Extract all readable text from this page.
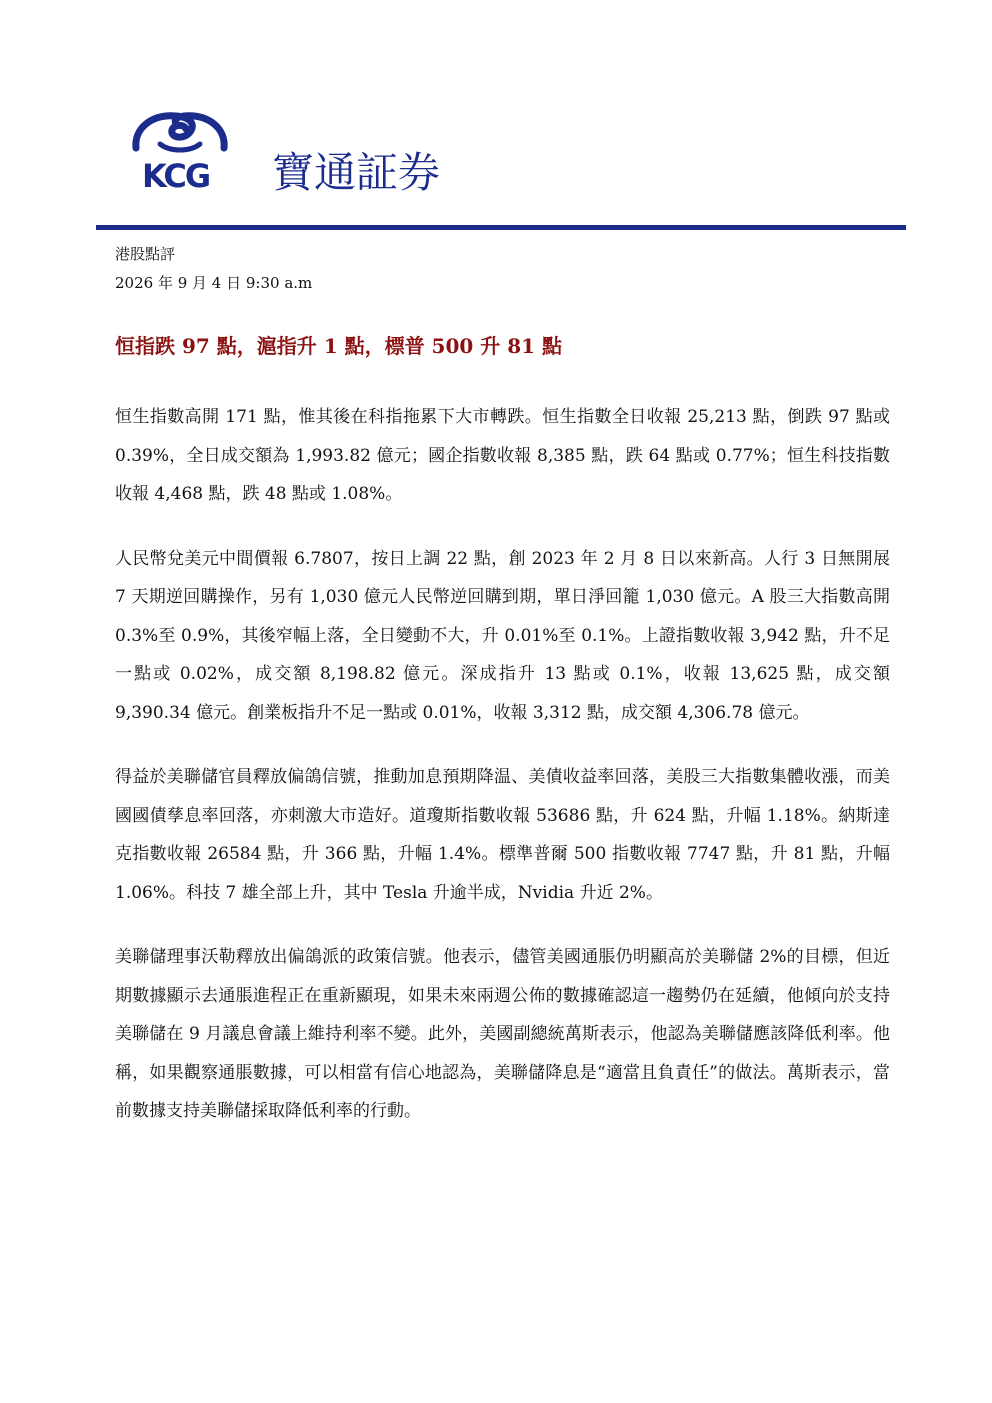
KCG 寶通証券
港股點評
2026 年 9 月 4 日 9:30 a.m
恒指跌 97 點，滬指升 1 點，標普 500 升 81 點

恒生指數高開 171 點，惟其後在科指拖累下大市轉跌。恒生指數全日收報 25,213 點，倒跌 97 點或 0.39%，全日成交額為 1,993.82 億元；國企指數收報 8,385 點，跌 64 點或 0.77%；恒生科技指數收報 4,468 點，跌 48 點或 1.08%。

人民幣兌美元中間價報 6.7807，按日上調 22 點，創 2023 年 2 月 8 日以來新高。人行 3 日無開展 7 天期逆回購操作，另有 1,030 億元人民幣逆回購到期，單日淨回籠 1,030 億元。A 股三大指數高開 0.3%至 0.9%，其後窄幅上落，全日變動不大，升 0.01%至 0.1%。上證指數收報 3,942 點，升不足一點或 0.02%，成交額 8,198.82 億元。深成指升 13 點或 0.1%，收報 13,625 點，成交額 9,390.34 億元。創業板指升不足一點或 0.01%，收報 3,312 點，成交額 4,306.78 億元。

得益於美聯儲官員釋放偏鴿信號，推動加息預期降温、美債收益率回落，美股三大指數集體收漲，而美國國債孳息率回落，亦刺激大市造好。道瓊斯指數收報 53686 點，升 624 點，升幅 1.18%。納斯達克指數收報 26584 點，升 366 點，升幅 1.4%。標準普爾 500 指數收報 7747 點，升 81 點，升幅 1.06%。科技 7 雄全部上升，其中 Tesla 升逾半成，Nvidia 升近 2%。

美聯儲理事沃勒釋放出偏鴿派的政策信號。他表示，儘管美國通脹仍明顯高於美聯儲 2%的目標，但近期數據顯示去通脹進程正在重新顯現，如果未來兩週公佈的數據確認這一趨勢仍在延續，他傾向於支持美聯儲在 9 月議息會議上維持利率不變。此外，美國副總統萬斯表示，他認為美聯儲應該降低利率。他稱，如果觀察通脹數據，可以相當有信心地認為，美聯儲降息是“適當且負責任”的做法。萬斯表示，當前數據支持美聯儲採取降低利率的行動。
